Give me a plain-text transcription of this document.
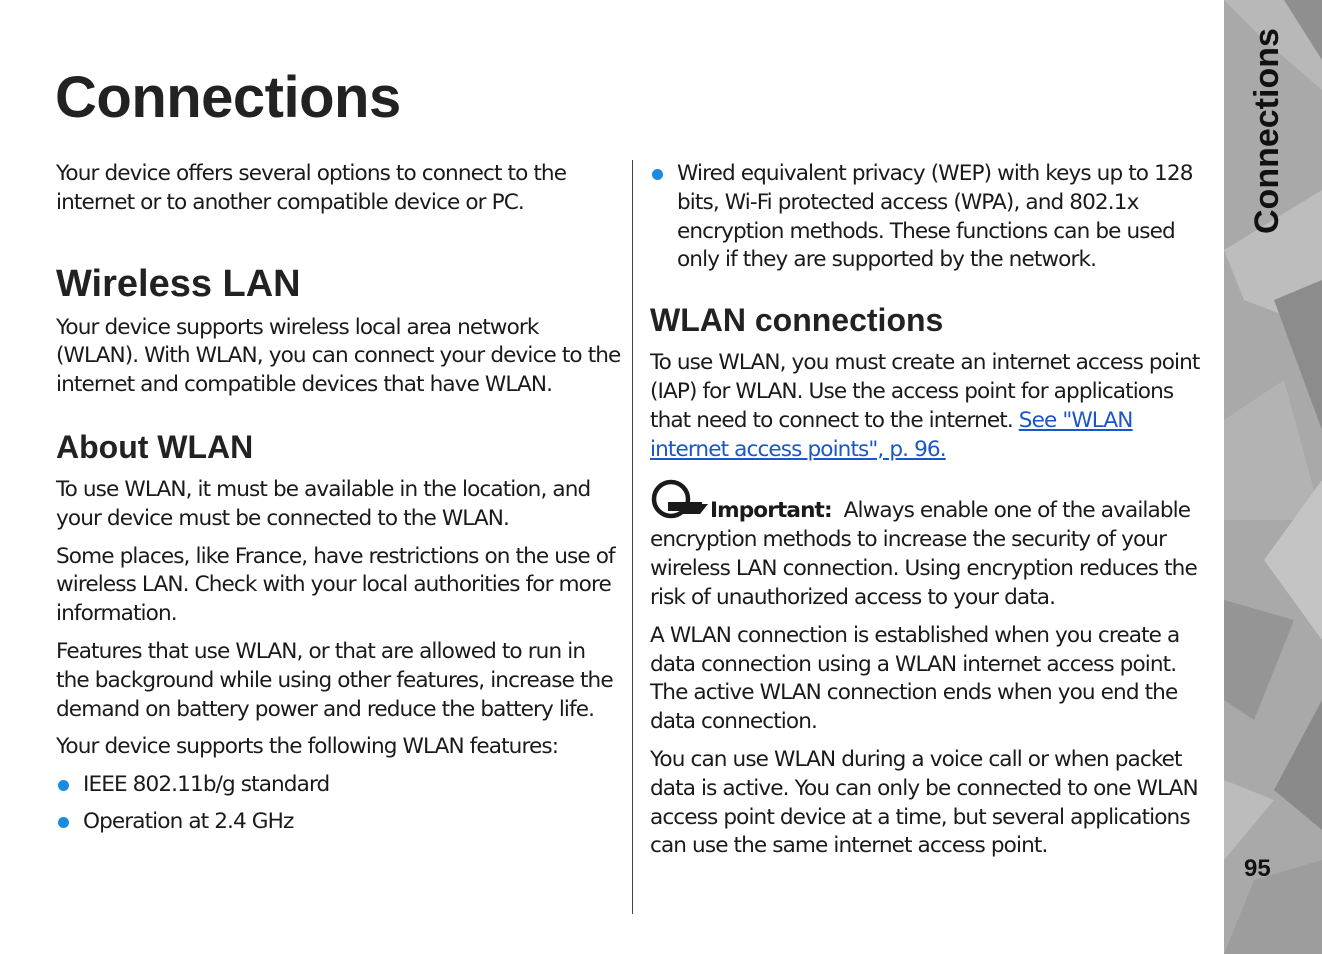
Connections

Your device offers several options to connect to the internet or to another compatible device or PC.

Wireless LAN

Your device supports wireless local area network (WLAN). With WLAN, you can connect your device to the internet and compatible devices that have WLAN.

About WLAN

To use WLAN, it must be available in the location, and your device must be connected to the WLAN.

Some places, like France, have restrictions on the use of wireless LAN. Check with your local authorities for more information.

Features that use WLAN, or that are allowed to run in the background while using other features, increase the demand on battery power and reduce the battery life.

Your device supports the following WLAN features:

IEEE 802.11b/g standard
Operation at 2.4 GHz
Wired equivalent privacy (WEP) with keys up to 128 bits, Wi-Fi protected access (WPA), and 802.1x encryption methods. These functions can be used only if they are supported by the network.
WLAN connections

To use WLAN, you must create an internet access point (IAP) for WLAN. Use the access point for applications that need to connect to the internet. See "WLAN internet access points", p. 96.

Important: Always enable one of the available encryption methods to increase the security of your wireless LAN connection. Using encryption reduces the risk of unauthorized access to your data.

A WLAN connection is established when you create a data connection using a WLAN internet access point. The active WLAN connection ends when you end the data connection.

You can use WLAN during a voice call or when packet data is active. You can only be connected to one WLAN access point device at a time, but several applications can use the same internet access point.

Connections
95
